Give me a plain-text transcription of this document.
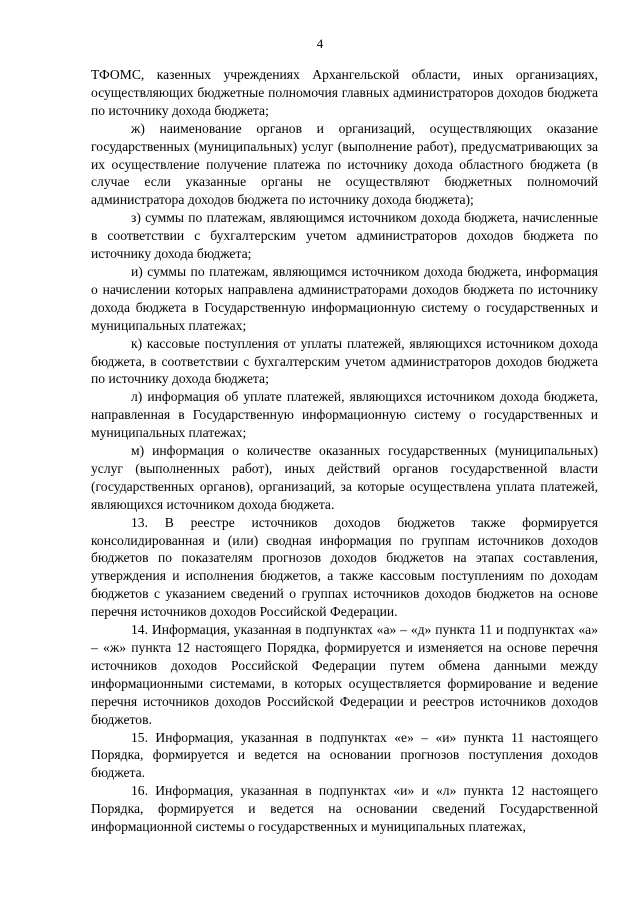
4

ТФОМС, казенных учреждениях Архангельской области, иных организациях, осуществляющих бюджетные полномочия главных администраторов доходов бюджета по источнику дохода бюджета;

ж) наименование органов и организаций, осуществляющих оказание государственных (муниципальных) услуг (выполнение работ), предусматривающих за их осуществление получение платежа по источнику дохода областного бюджета (в случае если указанные органы не осуществляют бюджетных полномочий администратора доходов бюджета по источнику дохода бюджета);

з) суммы по платежам, являющимся источником дохода бюджета, начисленные в соответствии с бухгалтерским учетом администраторов доходов бюджета по источнику дохода бюджета;

и) суммы по платежам, являющимся источником дохода бюджета, информация о начислении которых направлена администраторами доходов бюджета по источнику дохода бюджета в Государственную информационную систему о государственных и муниципальных платежах;

к) кассовые поступления от уплаты платежей, являющихся источником дохода бюджета, в соответствии с бухгалтерским учетом администраторов доходов бюджета по источнику дохода бюджета;

л) информация об уплате платежей, являющихся источником дохода бюджета, направленная в Государственную информационную систему о государственных и муниципальных платежах;

м) информация о количестве оказанных государственных (муниципальных) услуг (выполненных работ), иных действий органов государственной власти (государственных органов), организаций, за которые осуществлена уплата платежей, являющихся источником дохода бюджета.

13. В реестре источников доходов бюджетов также формируется консолидированная и (или) сводная информация по группам источников доходов бюджетов по показателям прогнозов доходов бюджетов на этапах составления, утверждения и исполнения бюджетов, а также кассовым поступлениям по доходам бюджетов с указанием сведений о группах источников доходов бюджетов на основе перечня источников доходов Российской Федерации.

14. Информация, указанная в подпунктах «а» – «д» пункта 11 и подпунктах «а» – «ж» пункта 12 настоящего Порядка, формируется и изменяется на основе перечня источников доходов Российской Федерации путем обмена данными между информационными системами, в которых осуществляется формирование и ведение перечня источников доходов Российской Федерации и реестров источников доходов бюджетов.

15. Информация, указанная в подпунктах «е» – «и» пункта 11 настоящего Порядка, формируется и ведется на основании прогнозов поступления доходов бюджета.

16. Информация, указанная в подпунктах «и» и «л» пункта 12 настоящего Порядка, формируется и ведется на основании сведений Государственной информационной системы о государственных и муниципальных платежах,
